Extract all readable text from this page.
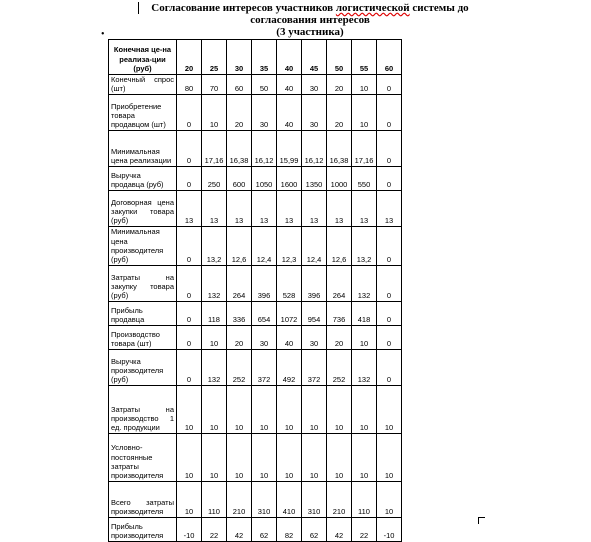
Согласование интересов участников логистической системы до
согласования интересов
(3 участника)
•
Конечная це-на реализа-ции (руб)	20	25	30	35	40	45	50	55	60
Конечный спрос (шт)	80	70	60	50	40	30	20	10	0
Приобретение товара продавцом (шт)	0	10	20	30	40	30	20	10	0
Минимальная цена реализации	0	17,16	16,38	16,12	15,99	16,12	16,38	17,16	0
Выручка продавца (руб)	0	250	600	1050	1600	1350	1000	550	0
Договорная цена закупки товара (руб)	13	13	13	13	13	13	13	13	13
Минимальная цена производителя (руб)	0	13,2	12,6	12,4	12,3	12,4	12,6	13,2	0
Затраты на закупку товара (руб)	0	132	264	396	528	396	264	132	0
Прибыль продавца	0	118	336	654	1072	954	736	418	0
Производство товара (шт)	0	10	20	30	40	30	20	10	0
Выручка производителя (руб)	0	132	252	372	492	372	252	132	0
Затраты на производство 1 ед. продукции	10	10	10	10	10	10	10	10	10
Условно-постоянные затраты производителя	10	10	10	10	10	10	10	10	10
Всего затраты производителя	10	110	210	310	410	310	210	110	10
Прибыль производителя	-10	22	42	62	82	62	42	22	-10
